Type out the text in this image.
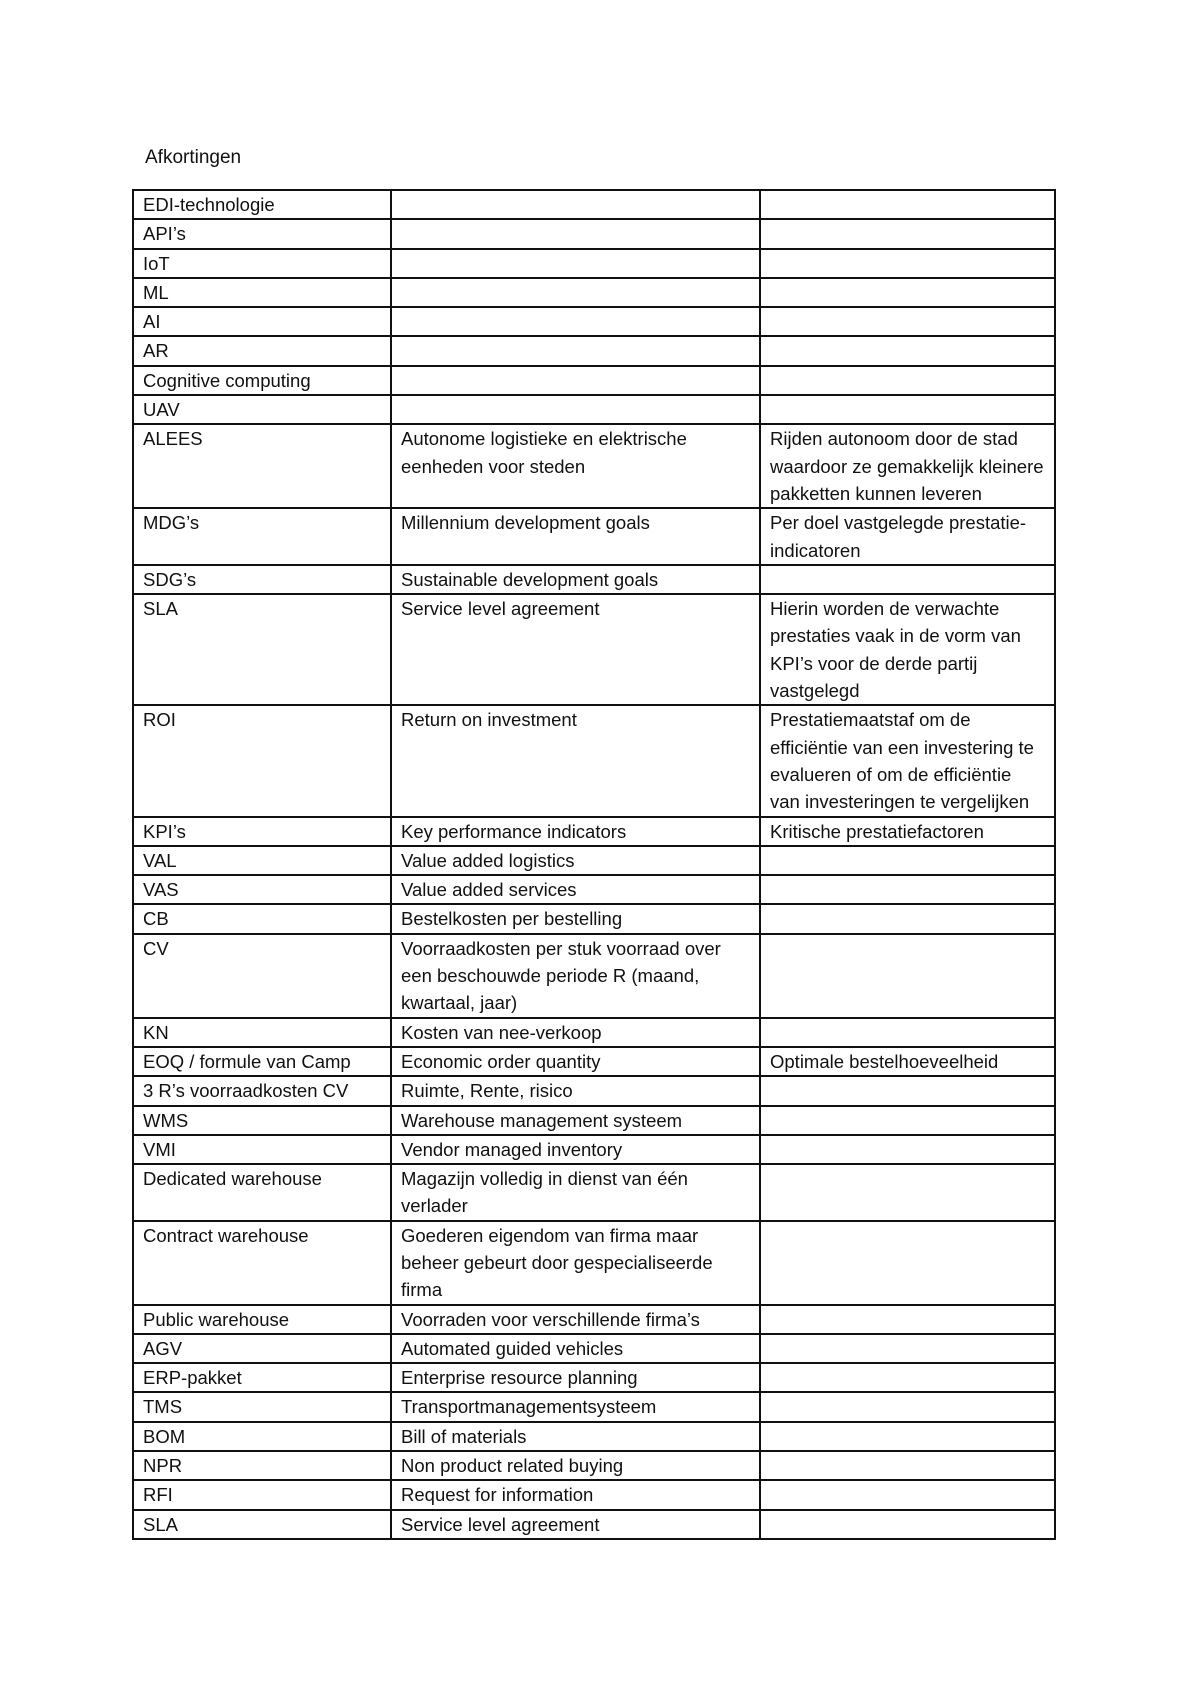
Afkortingen
EDI-technologie		
API’s		
IoT		
ML		
AI		
AR		
Cognitive computing		
UAV		
ALEES	Autonome logistieke en elektrische eenheden voor steden	Rijden autonoom door de stad waardoor ze gemakkelijk kleinere pakketten kunnen leveren
MDG’s	Millennium development goals	Per doel vastgelegde prestatie-indicatoren
SDG’s	Sustainable development goals	
SLA	Service level agreement	Hierin worden de verwachte prestaties vaak in de vorm van KPI’s voor de derde partij vastgelegd
ROI	Return on investment	Prestatiemaatstaf om de efficiëntie van een investering te evalueren of om de efficiëntie van investeringen te vergelijken
KPI’s	Key performance indicators	Kritische prestatiefactoren
VAL	Value added logistics	
VAS	Value added services	
CB	Bestelkosten per bestelling	
CV	Voorraadkosten per stuk voorraad over een beschouwde periode R (maand, kwartaal, jaar)	
KN	Kosten van nee-verkoop	
EOQ / formule van Camp	Economic order quantity	Optimale bestelhoeveelheid
3 R’s voorraadkosten CV	Ruimte, Rente, risico	
WMS	Warehouse management systeem	
VMI	Vendor managed inventory	
Dedicated warehouse	Magazijn volledig in dienst van één verlader	
Contract warehouse	Goederen eigendom van firma maar beheer gebeurt door gespecialiseerde firma	
Public warehouse	Voorraden voor verschillende firma’s	
AGV	Automated guided vehicles	
ERP-pakket	Enterprise resource planning	
TMS	Transportmanagementsysteem	
BOM	Bill of materials	
NPR	Non product related buying	
RFI	Request for information	
SLA	Service level agreement	
